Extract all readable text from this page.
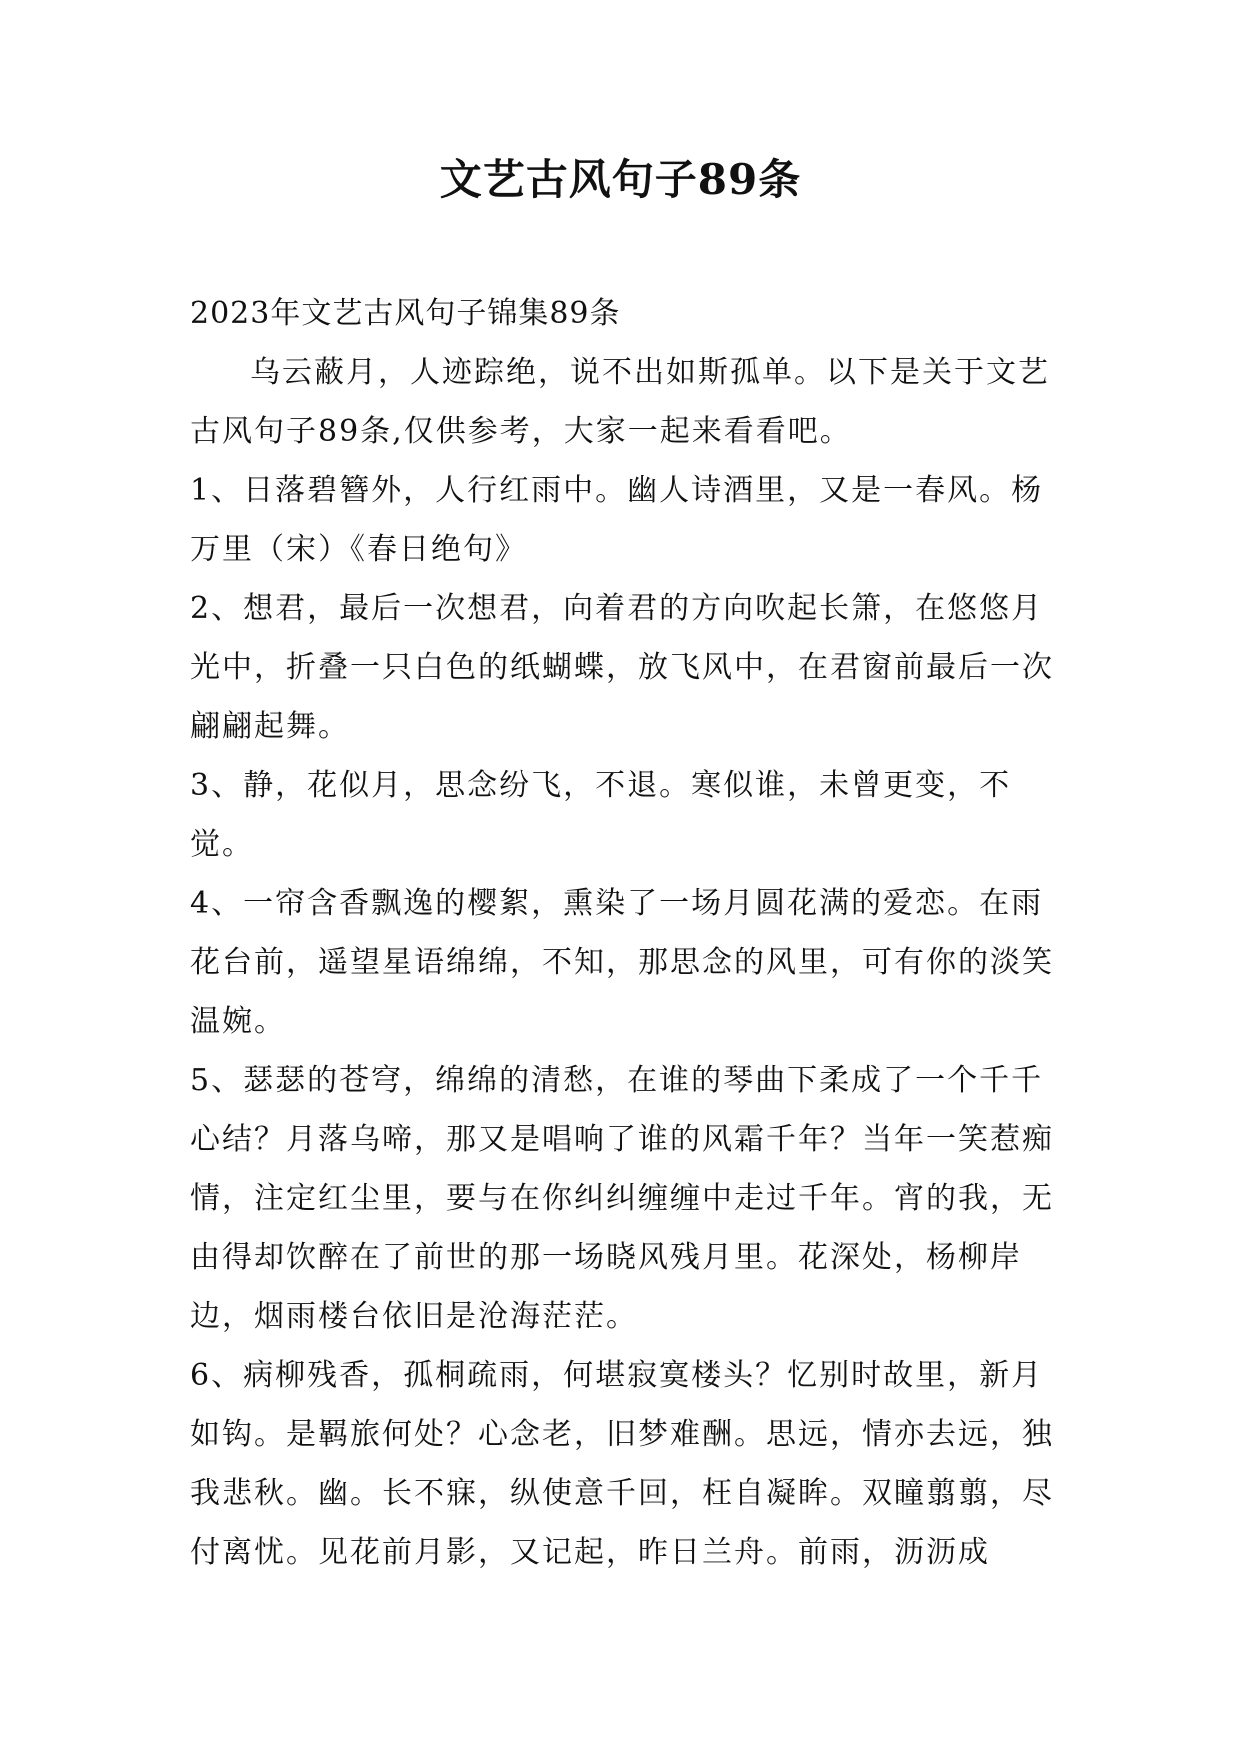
文艺古风句子89条

2023年文艺古风句子锦集89条

乌云蔽月，人迹踪绝，说不出如斯孤单。以下是关于文艺古风句子89条,仅供参考，大家一起来看看吧。

1、日落碧簪外，人行红雨中。幽人诗酒里，又是一春风。杨万里（宋）《春日绝句》

2、想君，最后一次想君，向着君的方向吹起长箫，在悠悠月光中，折叠一只白色的纸蝴蝶，放飞风中，在君窗前最后一次翩翩起舞。

3、静，花似月，思念纷飞，不退。寒似谁，未曾更变，不觉。

4、一帘含香飘逸的樱絮，熏染了一场月圆花满的爱恋。在雨花台前，遥望星语绵绵，不知，那思念的风里，可有你的淡笑温婉。

5、瑟瑟的苍穹，绵绵的清愁，在谁的琴曲下柔成了一个千千心结？月落乌啼，那又是唱响了谁的风霜千年？当年一笑惹痴情，注定红尘里，要与在你纠纠缠缠中走过千年。宵的我，无由得却饮醉在了前世的那一场晓风残月里。花深处，杨柳岸边，烟雨楼台依旧是沧海茫茫。

6、病柳残香，孤桐疏雨，何堪寂寞楼头？忆别时故里，新月如钩。是羁旅何处？心念老，旧梦难酬。思远，情亦去远，独我悲秋。幽。长不寐，纵使意千回，枉自凝眸。双瞳翦翦，尽付离忧。见花前月影，又记起，昨日兰舟。前雨，沥沥成
